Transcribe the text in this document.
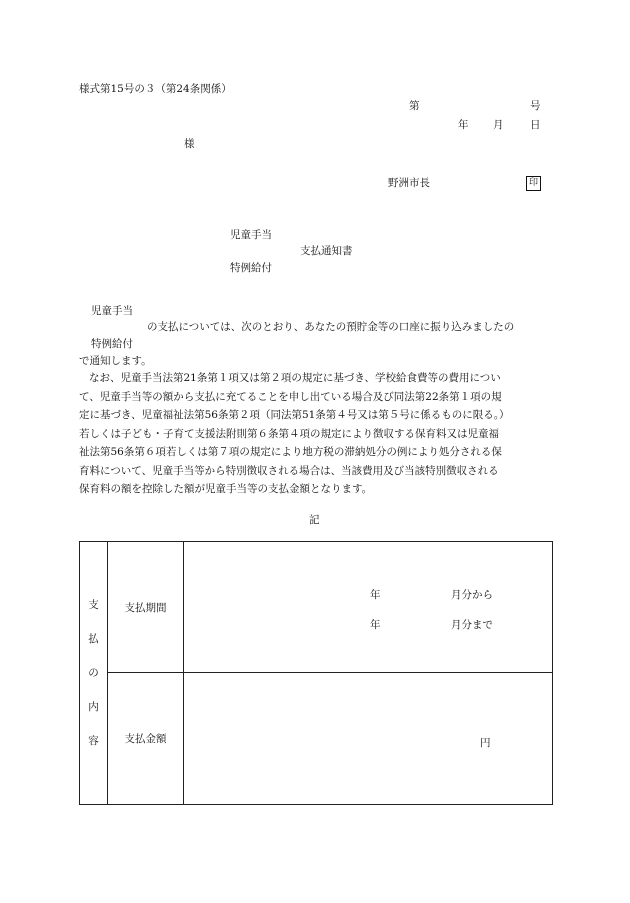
様式第15号の３（第24条関係）
第	号
年 月	日
様
野洲市長	印
児童手当
支払通知書
特例給付
児童手当
の支払については、次のとおり、あなたの預貯金等の口座に振り込みましたの
特例給付
で通知します。

なお、児童手当法第21条第１項又は第２項の規定に基づき、学校給食費等の費用につい

て、児童手当等の額から支払に充てることを申し出ている場合及び同法第22条第１項の規

定に基づき、児童福祉法第56条第２項（同法第51条第４号又は第５号に係るものに限る。）

若しくは子ども・子育て支援法附則第６条第４項の規定により徴収する保育料又は児童福

祉法第56条第６項若しくは第７項の規定により地方税の滞納処分の例により処分される保

育料について、児童手当等から特別徴収される場合は、当該費用及び当該特別徴収される

保育料の額を控除した額が児童手当等の支払金額となります。

記
支
払
の
内
容	支払期間	年 月分から
年 月分まで

	支払金額	円
